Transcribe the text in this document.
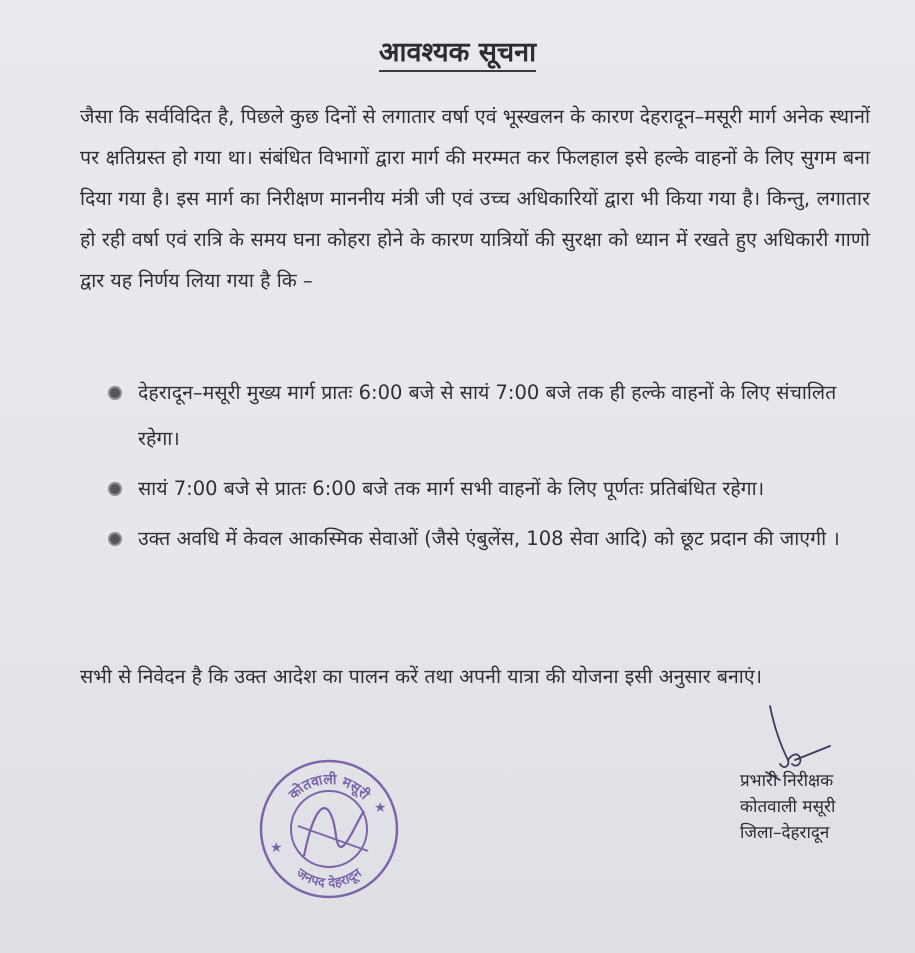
आवश्यक सूचना
जैसा कि सर्वविदित है, पिछले कुछ दिनों से लगातार वर्षा एवं भूस्खलन के कारण देहरादून–मसूरी मार्ग अनेक स्थानों पर क्षतिग्रस्त हो गया था। संबंधित विभागों द्वारा मार्ग की मरम्मत कर फिलहाल इसे हल्के वाहनों के लिए सुगम बना दिया गया है। इस मार्ग का निरीक्षण माननीय मंत्री जी एवं उच्च अधिकारियों द्वारा भी किया गया है। किन्तु, लगातार हो रही वर्षा एवं रात्रि के समय घना कोहरा होने के कारण यात्रियों की सुरक्षा को ध्यान में रखते हुए अधिकारी गाणो द्वार यह निर्णय लिया गया है कि –
देहरादून–मसूरी मुख्य मार्ग प्रातः 6:00 बजे से सायं 7:00 बजे तक ही हल्के वाहनों के लिए संचालित रहेगा।
सायं 7:00 बजे से प्रातः 6:00 बजे तक मार्ग सभी वाहनों के लिए पूर्णतः प्रतिबंधित रहेगा।
उक्त अवधि में केवल आकस्मिक सेवाओं (जैसे एंबुलेंस, 108 सेवा आदि) को छूट प्रदान की जाएगी ।
सभी से निवेदन है कि उक्त आदेश का पालन करें तथा अपनी यात्रा की योजना इसी अनुसार बनाएं।
कोतवाली मसूरी
जनपद देहरादून
★
★
प्रभारी निरीक्षक
कोतवाली मसूरी
जिला–देहरादून
